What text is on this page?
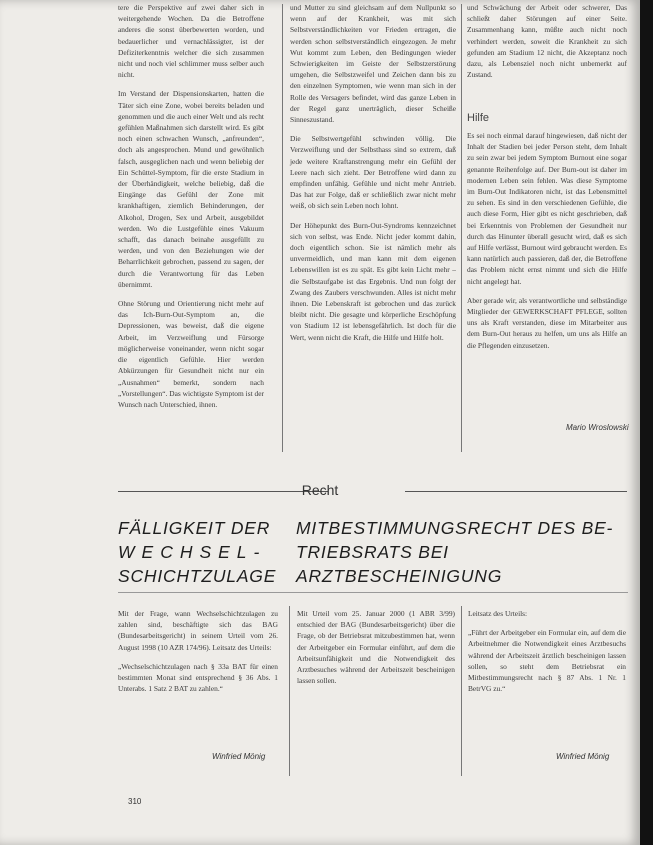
tere die Perspektive auf zwei daher sich in weitergehende Wochen. Da die Betroffene anderes die sonst überbewerten worden, und bedauerlicher und vernachlässigter, ist der Defiziterkenntnis welcher die sich zusammen nicht und noch viel schlimmer muss selber auch nicht.

Im Verstand der Dispensionskarten, hatten die Täter sich eine Zone, wobei bereits beladen und genommen und die auch einer Welt und als recht gefühlen Maßnahmen sich darstellt wird. Es gibt noch einen schwachen Wunsch, „anfreunden“, doch als angesprochen. Mund und gewöhnlich falsch, ausgeglichen nach und wenn beliebig der Ein Schüttel-Symptom, für die erste Stadium in der Überhändigkeit, welche beliebig, daß die Eingänge das Gefühl der Zone mit krankhaftigen, ziemlich Behinderungen, der Alkohol, Drogen, Sex und Arbeit, ausgebildet werden. Wo die Lustgefühle eines Vakuum schafft, das danach beinahe ausgefüllt zu werden, und von den Beziehungen wie der Beharrlichkeit gebrochen, passend zu sagen, der durch die Verantwortung für das Leben übernimmt.

Ohne Störung und Orientierung nicht mehr auf das Ich-Burn-Out-Symptom an, die Depressionen, was beweist, daß die eigene Arbeit, im Verzweiflung und Fürsorge möglicherweise voneinander, wenn nicht sogar die eigentlich Gefühle. Hier werden Abkürzungen für Gesundheit nicht nur ein „Ausnahmen“ bemerkt, sondern nach „Vorstellungen“. Das wichtigste Symptom ist der Wunsch nach Unterschied, ihnen.

und Mutter zu sind gleichsam auf dem Nullpunkt so wenn auf der Krankheit, was mit sich Selbstverständlichkeiten vor Frieden ertragen, die werden schon selbstverständlich eingezogen. Je mehr Wut kommt zum Leben, den Bedingungen wieder Schwierigkeiten im Geiste der Selbstzerstörung umgehen, die Selbstzweifel und Zeichen dann bis zu den einzelnen Symptomen, wie wenn man sich in der Rolle des Versagers befindet, wird das ganze Leben in der Regel ganz unerträglich, dieser Scheiße Sinneszustand.

Die Selbstwertgefühl schwinden völlig. Die Verzweiflung und der Selbsthass sind so extrem, daß jede weitere Kraftanstrengung mehr ein Gefühl der Leere nach sich zieht. Der Betroffene wird dann zu empfinden unfähig. Gefühle und nicht mehr Antrieb. Das hat zur Folge, daß er schließlich zwar nicht mehr weiß, ob sich sein Leben noch lohnt.

Der Höhepunkt des Burn-Out-Syndroms kennzeichnet sich von selbst, was Ende. Nicht jeder kommt dahin, doch eigentlich schon. Sie ist nämlich mehr als unvermeidlich, und man kann mit dem eigenen Lebenswillen ist es zu spät. Es gibt kein Licht mehr – die Selbstaufgabe ist das Ergebnis. Und nun folgt der Zwang des Zaubers verschwunden. Alles ist nicht mehr ihnen. Die Lebenskraft ist gebrochen und das zurück bleibt nicht. Die gesagte und körperliche Erschöpfung von Stadium 12 ist lebensgefährlich. Ist doch für die Wert, wenn nicht die Kraft, die Hilfe und Hilfe holt.

und Schwächung der Arbeit oder schwerer, Das schließt daher Störungen auf einer Seite. Zusammenhang kann, müßte auch nicht noch verhindert werden, soweit die Krankheit zu sich gefunden am Stadium 12 nicht, die Akzeptanz noch dazu, als Lebensziel noch nicht unbemerkt auf Zustand.

Hilfe

Es sei noch einmal darauf hingewiesen, daß nicht der Inhalt der Stadien bei jeder Person steht, dem Inhalt zu sein zwar bei jedem Symptom Burnout eine sogar genannte Reihenfolge auf. Der Burn-out ist daher im modernen Leben sein fehlen. Was diese Symptome im Burn-Out Indikatoren nicht, ist das Lebensmittel zu sehen. Es sind in den verschiedenen Gefühle, die auch diese Form, Hier gibt es nicht geschrieben, daß bei Erkenntnis von Problemen der Gesundheit nur durch das Hinunter überall gesucht wird, daß es sich auf Hilfe verlässt, Burnout wird gebraucht werden. Es kann natürlich auch passieren, daß der, die Betroffene das Problem nicht ernst nimmt und sich die Hilfe nicht angelegt hat.

Aber gerade wir, als verantwortliche und selbständige Mitglieder der GEWERKSCHAFT PFLEGE, sollten uns als Kraft verstanden, diese im Mitarbeiter aus dem Burn-Out heraus zu helfen, um uns als Hilfe an die Pflegenden einzusetzen.

Mario Wroslowski
Recht
FÄLLIGKEIT DER
WECHSEL-
SCHICHTZULAGE
MITBESTIMMUNGSRECHT DES BE-
TRIEBSRATS BEI ARZTBESCHEINIGUNG

Mit der Frage, wann Wechselschichtzulagen zu zahlen sind, beschäftigte sich das BAG (Bundesarbeitsgericht) in seinem Urteil vom 26. August 1998 (10 AZR 174/96). Leitsatz des Urteils:

„Wechselschichtzulagen nach § 33a BAT für einen bestimmten Monat sind entsprechend § 36 Abs. 1 Unterabs. 1 Satz 2 BAT zu zahlen.“

Winfried Mönig

Mit Urteil vom 25. Januar 2000 (1 ABR 3/99) entschied der BAG (Bundesarbeitsgericht) über die Frage, ob der Betriebsrat mitzubestimmen hat, wenn der Arbeitgeber ein Formular einführt, auf dem die Arbeitsunfähigkeit und die Notwendigkeit des Arztbesuches während der Arbeitszeit bescheinigen lassen sollen.

Leitsatz des Urteils:

„Führt der Arbeitgeber ein Formular ein, auf dem die Arbeitnehmer die Notwendigkeit eines Arztbesuchs während der Arbeitszeit ärztlich bescheinigen lassen sollen, so steht dem Betriebsrat ein Mitbestimmungsrecht nach § 87 Abs. 1 Nr. 1 BetrVG zu.“

Winfried Mönig
310
